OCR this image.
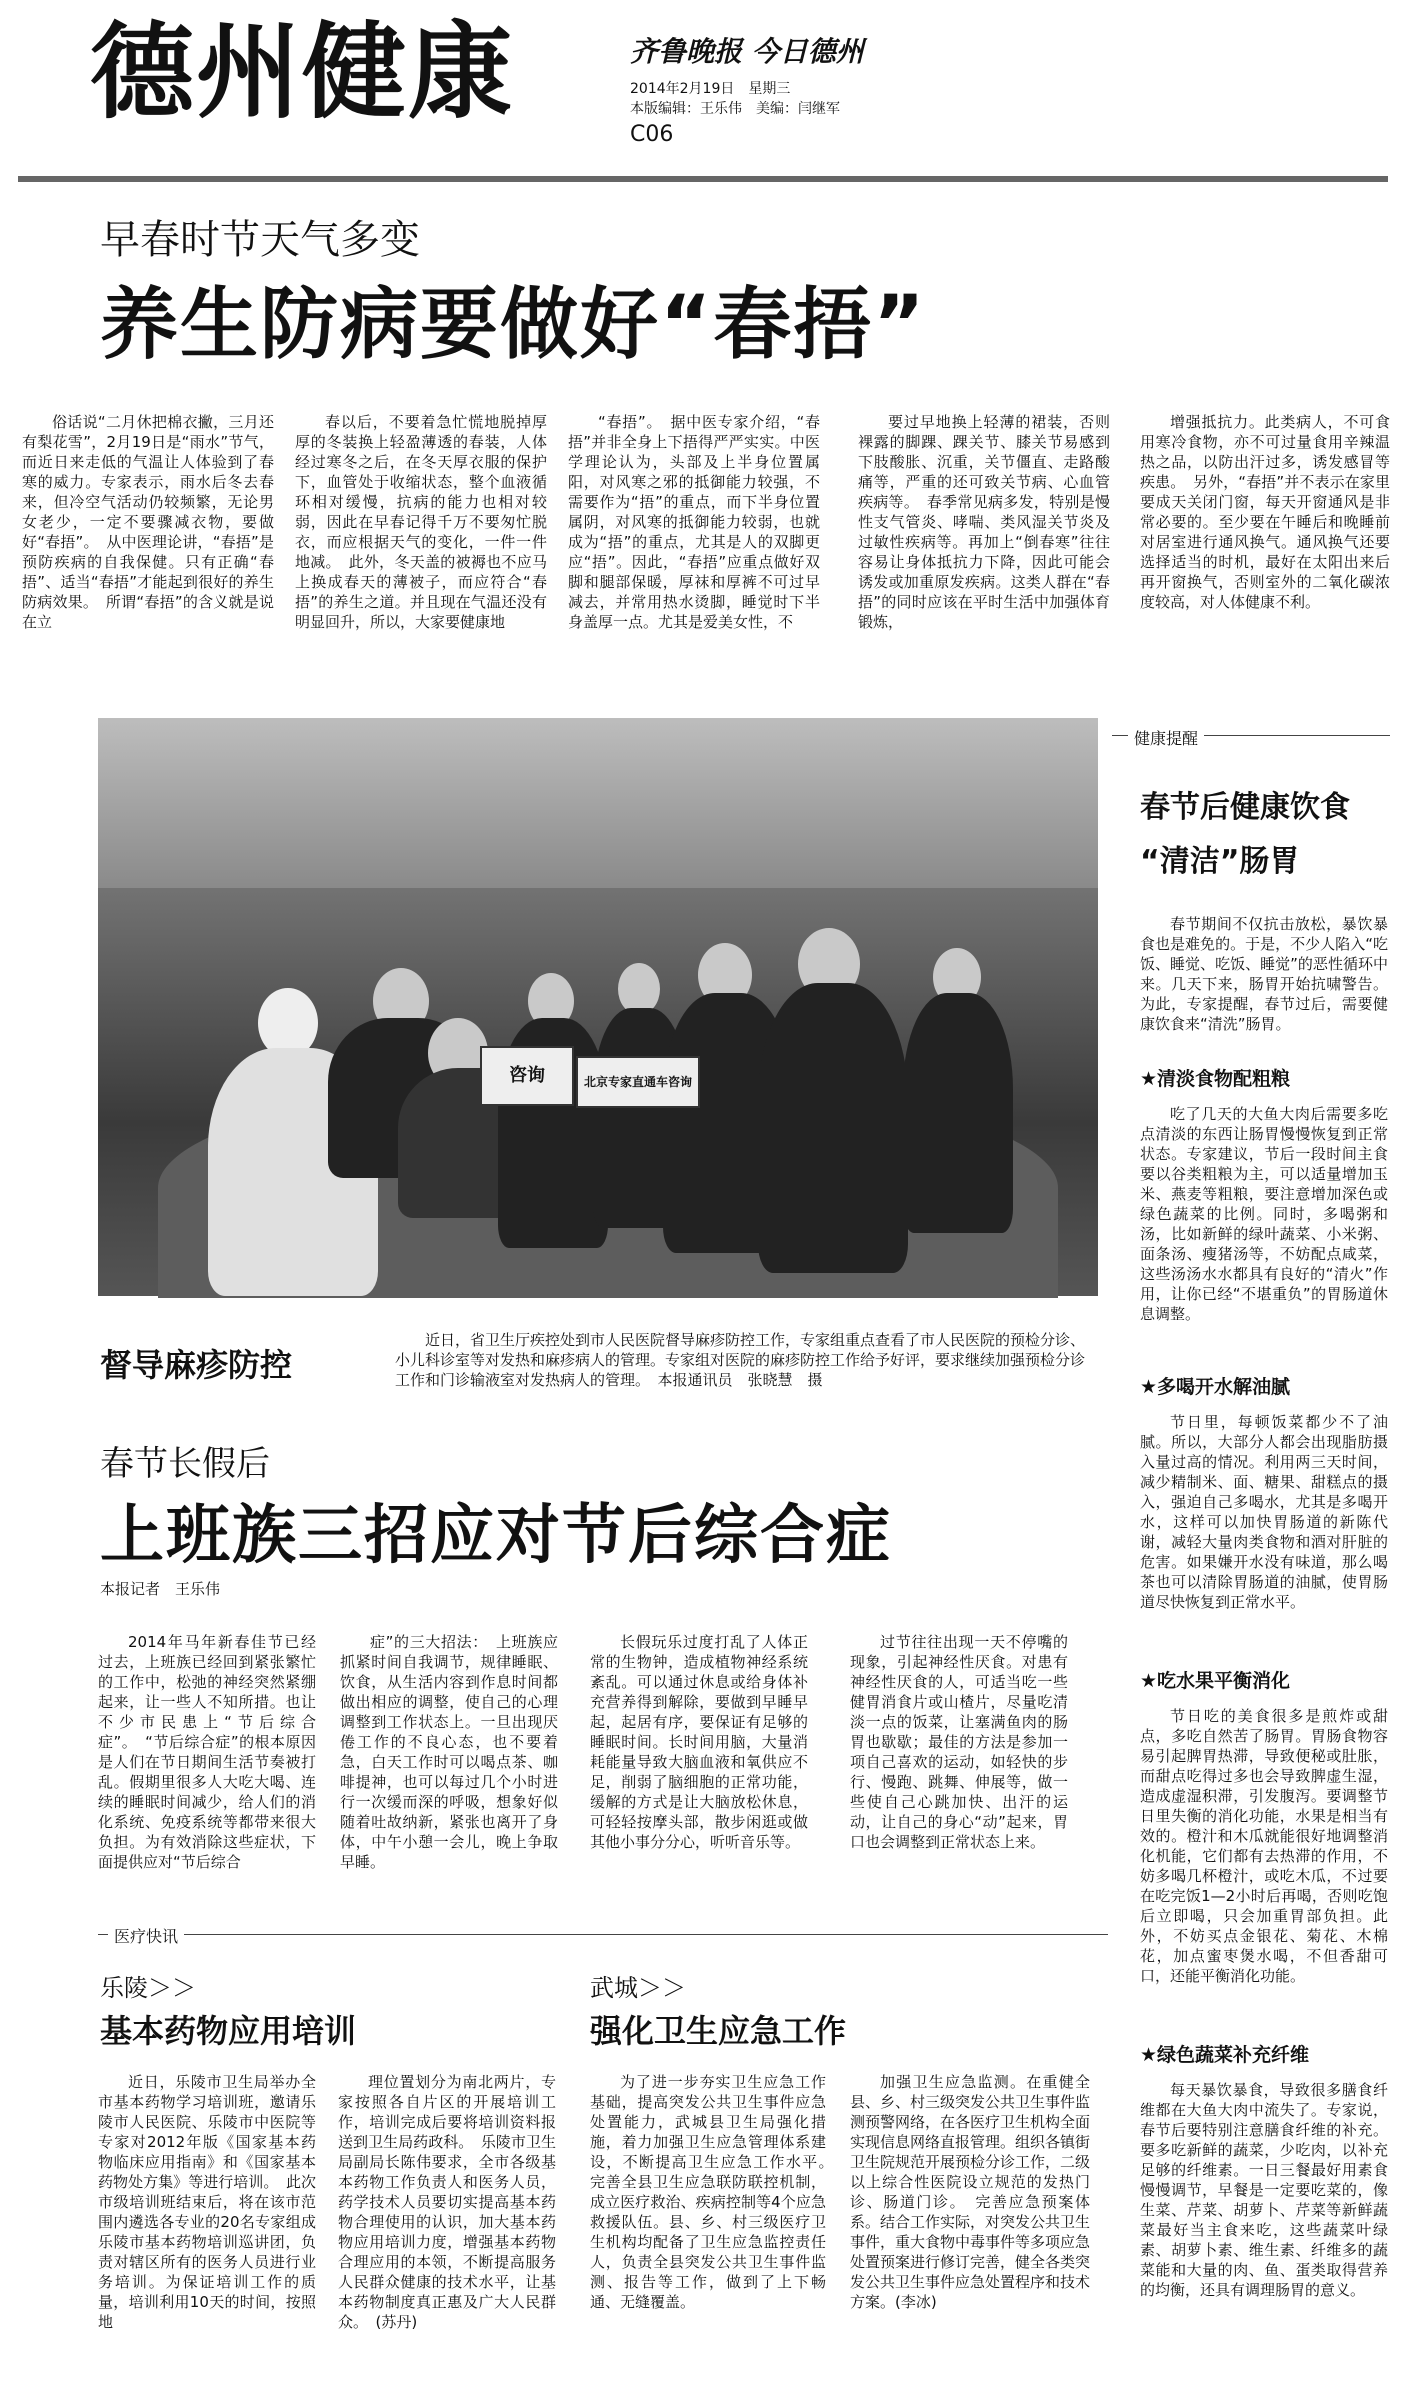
德州健康	齐鲁晚报 今日德州
2014年2月19日　星期三
本版编辑：王乐伟　美编：闫继军
C06
早春时节天气多变
养生防病要做好“春捂”

俗话说“二月休把棉衣撇，三月还有梨花雪”，2月19日是“雨水”节气，而近日来走低的气温让人体验到了春寒的威力。专家表示，雨水后冬去春来，但冷空气活动仍较频繁，无论男女老少，一定不要骤减衣物，要做好“春捂”。　从中医理论讲，“春捂”是预防疾病的自我保健。只有正确“春捂”、适当“春捂”才能起到很好的养生防病效果。　所谓“春捂”的含义就是说在立

春以后，不要着急忙慌地脱掉厚厚的冬装换上轻盈薄透的春装，人体经过寒冬之后，在冬天厚衣服的保护下，血管处于收缩状态，整个血液循环相对缓慢，抗病的能力也相对较弱，因此在早春记得千万不要匆忙脱衣，而应根据天气的变化，一件一件地减。　此外，冬天盖的被褥也不应马上换成春天的薄被子，而应符合“春捂”的养生之道。并且现在气温还没有明显回升，所以，大家要健康地

“春捂”。　据中医专家介绍，“春捂”并非全身上下捂得严严实实。中医学理论认为，头部及上半身位置属阳，对风寒之邪的抵御能力较强，不需要作为“捂”的重点，而下半身位置属阴，对风寒的抵御能力较弱，也就成为“捂”的重点，尤其是人的双脚更应“捂”。因此，“春捂”应重点做好双脚和腿部保暖，厚袜和厚裤不可过早减去，并常用热水烫脚，睡觉时下半身盖厚一点。尤其是爱美女性，不

要过早地换上轻薄的裙装，否则裸露的脚踝、踝关节、膝关节易感到下肢酸胀、沉重，关节僵直、走路酸痛等，严重的还可致关节病、心血管疾病等。　春季常见病多发，特别是慢性支气管炎、哮喘、类风湿关节炎及过敏性疾病等。再加上“倒春寒”往往容易让身体抵抗力下降，因此可能会诱发或加重原发疾病。这类人群在“春捂”的同时应该在平时生活中加强体育锻炼，

增强抵抗力。此类病人，不可食用寒冷食物，亦不可过量食用辛辣温热之品，以防出汗过多，诱发感冒等疾患。　另外，“春捂”并不表示在家里要成天关闭门窗，每天开窗通风是非常必要的。至少要在午睡后和晚睡前对居室进行通风换气。通风换气还要选择适当的时机，最好在太阳出来后再开窗换气，否则室外的二氧化碳浓度较高，对人体健康不利。

咨询	北京专家直通车咨询
督导麻疹防控
近日，省卫生厅疾控处到市人民医院督导麻疹防控工作，专家组重点查看了市人民医院的预检分诊、小儿科诊室等对发热和麻疹病人的管理。专家组对医院的麻疹防控工作给予好评，要求继续加强预检分诊工作和门诊输液室对发热病人的管理。　本报通讯员　张晓慧　摄
春节长假后
上班族三招应对节后综合症
本报记者　王乐伟

2014年马年新春佳节已经过去，上班族已经回到紧张繁忙的工作中，松弛的神经突然紧绷起来，让一些人不知所措。也让不少市民患上“节后综合症”。　“节后综合症”的根本原因是人们在节日期间生活节奏被打乱。假期里很多人大吃大喝、连续的睡眠时间减少，给人们的消化系统、免疫系统等都带来很大负担。为有效消除这些症状，下面提供应对“节后综合

症”的三大招法：　上班族应抓紧时间自我调节，规律睡眠、饮食，从生活内容到作息时间都做出相应的调整，使自己的心理调整到工作状态上。一旦出现厌倦工作的不良心态，也不要着急，白天工作时可以喝点茶、咖啡提神，也可以每过几个小时进行一次缓而深的呼吸，想象好似随着吐故纳新，紧张也离开了身体，中午小憩一会儿，晚上争取早睡。

长假玩乐过度打乱了人体正常的生物钟，造成植物神经系统紊乱。可以通过休息或给身体补充营养得到解除，要做到早睡早起，起居有序，要保证有足够的睡眠时间。长时间用脑，大量消耗能量导致大脑血液和氧供应不足，削弱了脑细胞的正常功能，缓解的方式是让大脑放松休息，可轻轻按摩头部，散步闲逛或做其他小事分分心，听听音乐等。

过节往往出现一天不停嘴的现象，引起神经性厌食。对患有神经性厌食的人，可适当吃一些健胃消食片或山楂片，尽量吃清淡一点的饭菜，让塞满鱼肉的肠胃也歇歇；最佳的方法是参加一项自己喜欢的运动，如轻快的步行、慢跑、跳舞、伸展等，做一些使自己心跳加快、出汗的运动，让自己的身心“动”起来，胃口也会调整到正常状态上来。

健康提醒
春节后健康饮食
“清洁”肠胃

春节期间不仅抗击放松，暴饮暴食也是难免的。于是，不少人陷入“吃饭、睡觉、吃饭、睡觉”的恶性循环中来。几天下来，肠胃开始抗啸警告。为此，专家提醒，春节过后，需要健康饮食来“清洗”肠胃。

★清淡食物配粗粮

吃了几天的大鱼大肉后需要多吃点清淡的东西让肠胃慢慢恢复到正常状态。专家建议，节后一段时间主食要以谷类粗粮为主，可以适量增加玉米、燕麦等粗粮，要注意增加深色或绿色蔬菜的比例。同时，多喝粥和汤，比如新鲜的绿叶蔬菜、小米粥、面条汤、瘦猪汤等，不妨配点咸菜，这些汤汤水水都具有良好的“清火”作用，让你已经“不堪重负”的胃肠道休息调整。

★多喝开水解油腻

节日里，每顿饭菜都少不了油腻。所以，大部分人都会出现脂肪摄入量过高的情况。利用两三天时间，减少精制米、面、糖果、甜糕点的摄入，强迫自己多喝水，尤其是多喝开水，这样可以加快胃肠道的新陈代谢，减轻大量肉类食物和酒对肝脏的危害。如果嫌开水没有味道，那么喝茶也可以清除胃肠道的油腻，使胃肠道尽快恢复到正常水平。

★吃水果平衡消化

节日吃的美食很多是煎炸或甜点，多吃自然苦了肠胃。胃肠食物容易引起脾胃热滞，导致便秘或肚胀，而甜点吃得过多也会导致脾虚生湿，造成虚湿积滞，引发腹泻。要调整节日里失衡的消化功能，水果是相当有效的。橙汁和木瓜就能很好地调整消化机能，它们都有去热滞的作用，不妨多喝几杯橙汁，或吃木瓜，不过要在吃完饭1—2小时后再喝，否则吃饱后立即喝，只会加重胃部负担。此外，不妨买点金银花、菊花、木棉花，加点蜜枣煲水喝，不但香甜可口，还能平衡消化功能。

★绿色蔬菜补充纤维

每天暴饮暴食，导致很多膳食纤维都在大鱼大肉中流失了。专家说，春节后要特别注意膳食纤维的补充。要多吃新鲜的蔬菜，少吃肉，以补充足够的纤维素。一日三餐最好用素食慢慢调节，早餐是一定要吃菜的，像生菜、芹菜、胡萝卜、芹菜等新鲜蔬菜最好当主食来吃，这些蔬菜叶绿素、胡萝卜素、维生素、纤维多的蔬菜能和大量的肉、鱼、蛋类取得营养的均衡，还具有调理肠胃的意义。

医疗快讯
乐陵＞＞
基本药物应用培训

近日，乐陵市卫生局举办全市基本药物学习培训班，邀请乐陵市人民医院、乐陵市中医院等专家对2012年版《国家基本药物临床应用指南》和《国家基本药物处方集》等进行培训。　此次市级培训班结束后，将在该市范围内遴选各专业的20名专家组成乐陵市基本药物培训巡讲团，负责对辖区所有的医务人员进行业务培训。为保证培训工作的质量，培训利用10天的时间，按照地

理位置划分为南北两片，专家按照各自片区的开展培训工作，培训完成后要将培训资料报送到卫生局药政科。　乐陵市卫生局副局长陈伟要求，全市各级基本药物工作负责人和医务人员，药学技术人员要切实提高基本药物合理使用的认识，加大基本药物应用培训力度，增强基本药物合理应用的本领，不断提高服务人民群众健康的技术水平，让基本药物制度真正惠及广大人民群众。　(苏丹)

武城＞＞
强化卫生应急工作

为了进一步夯实卫生应急工作基础，提高突发公共卫生事件应急处置能力，武城县卫生局强化措施，着力加强卫生应急管理体系建设，不断提高卫生应急工作水平。　完善全县卫生应急联防联控机制，成立医疗救治、疾病控制等4个应急救援队伍。县、乡、村三级医疗卫生机构均配备了卫生应急监控责任人，负责全县突发公共卫生事件监测、报告等工作，做到了上下畅通、无缝覆盖。

加强卫生应急监测。在重健全县、乡、村三级突发公共卫生事件监测预警网络，在各医疗卫生机构全面实现信息网络直报管理。组织各镇街卫生院规范开展预检分诊工作，二级以上综合性医院设立规范的发热门诊、肠道门诊。　完善应急预案体系。结合工作实际，对突发公共卫生事件，重大食物中毒事件等多项应急处置预案进行修订完善，健全各类突发公共卫生事件应急处置程序和技术方案。(李冰)
